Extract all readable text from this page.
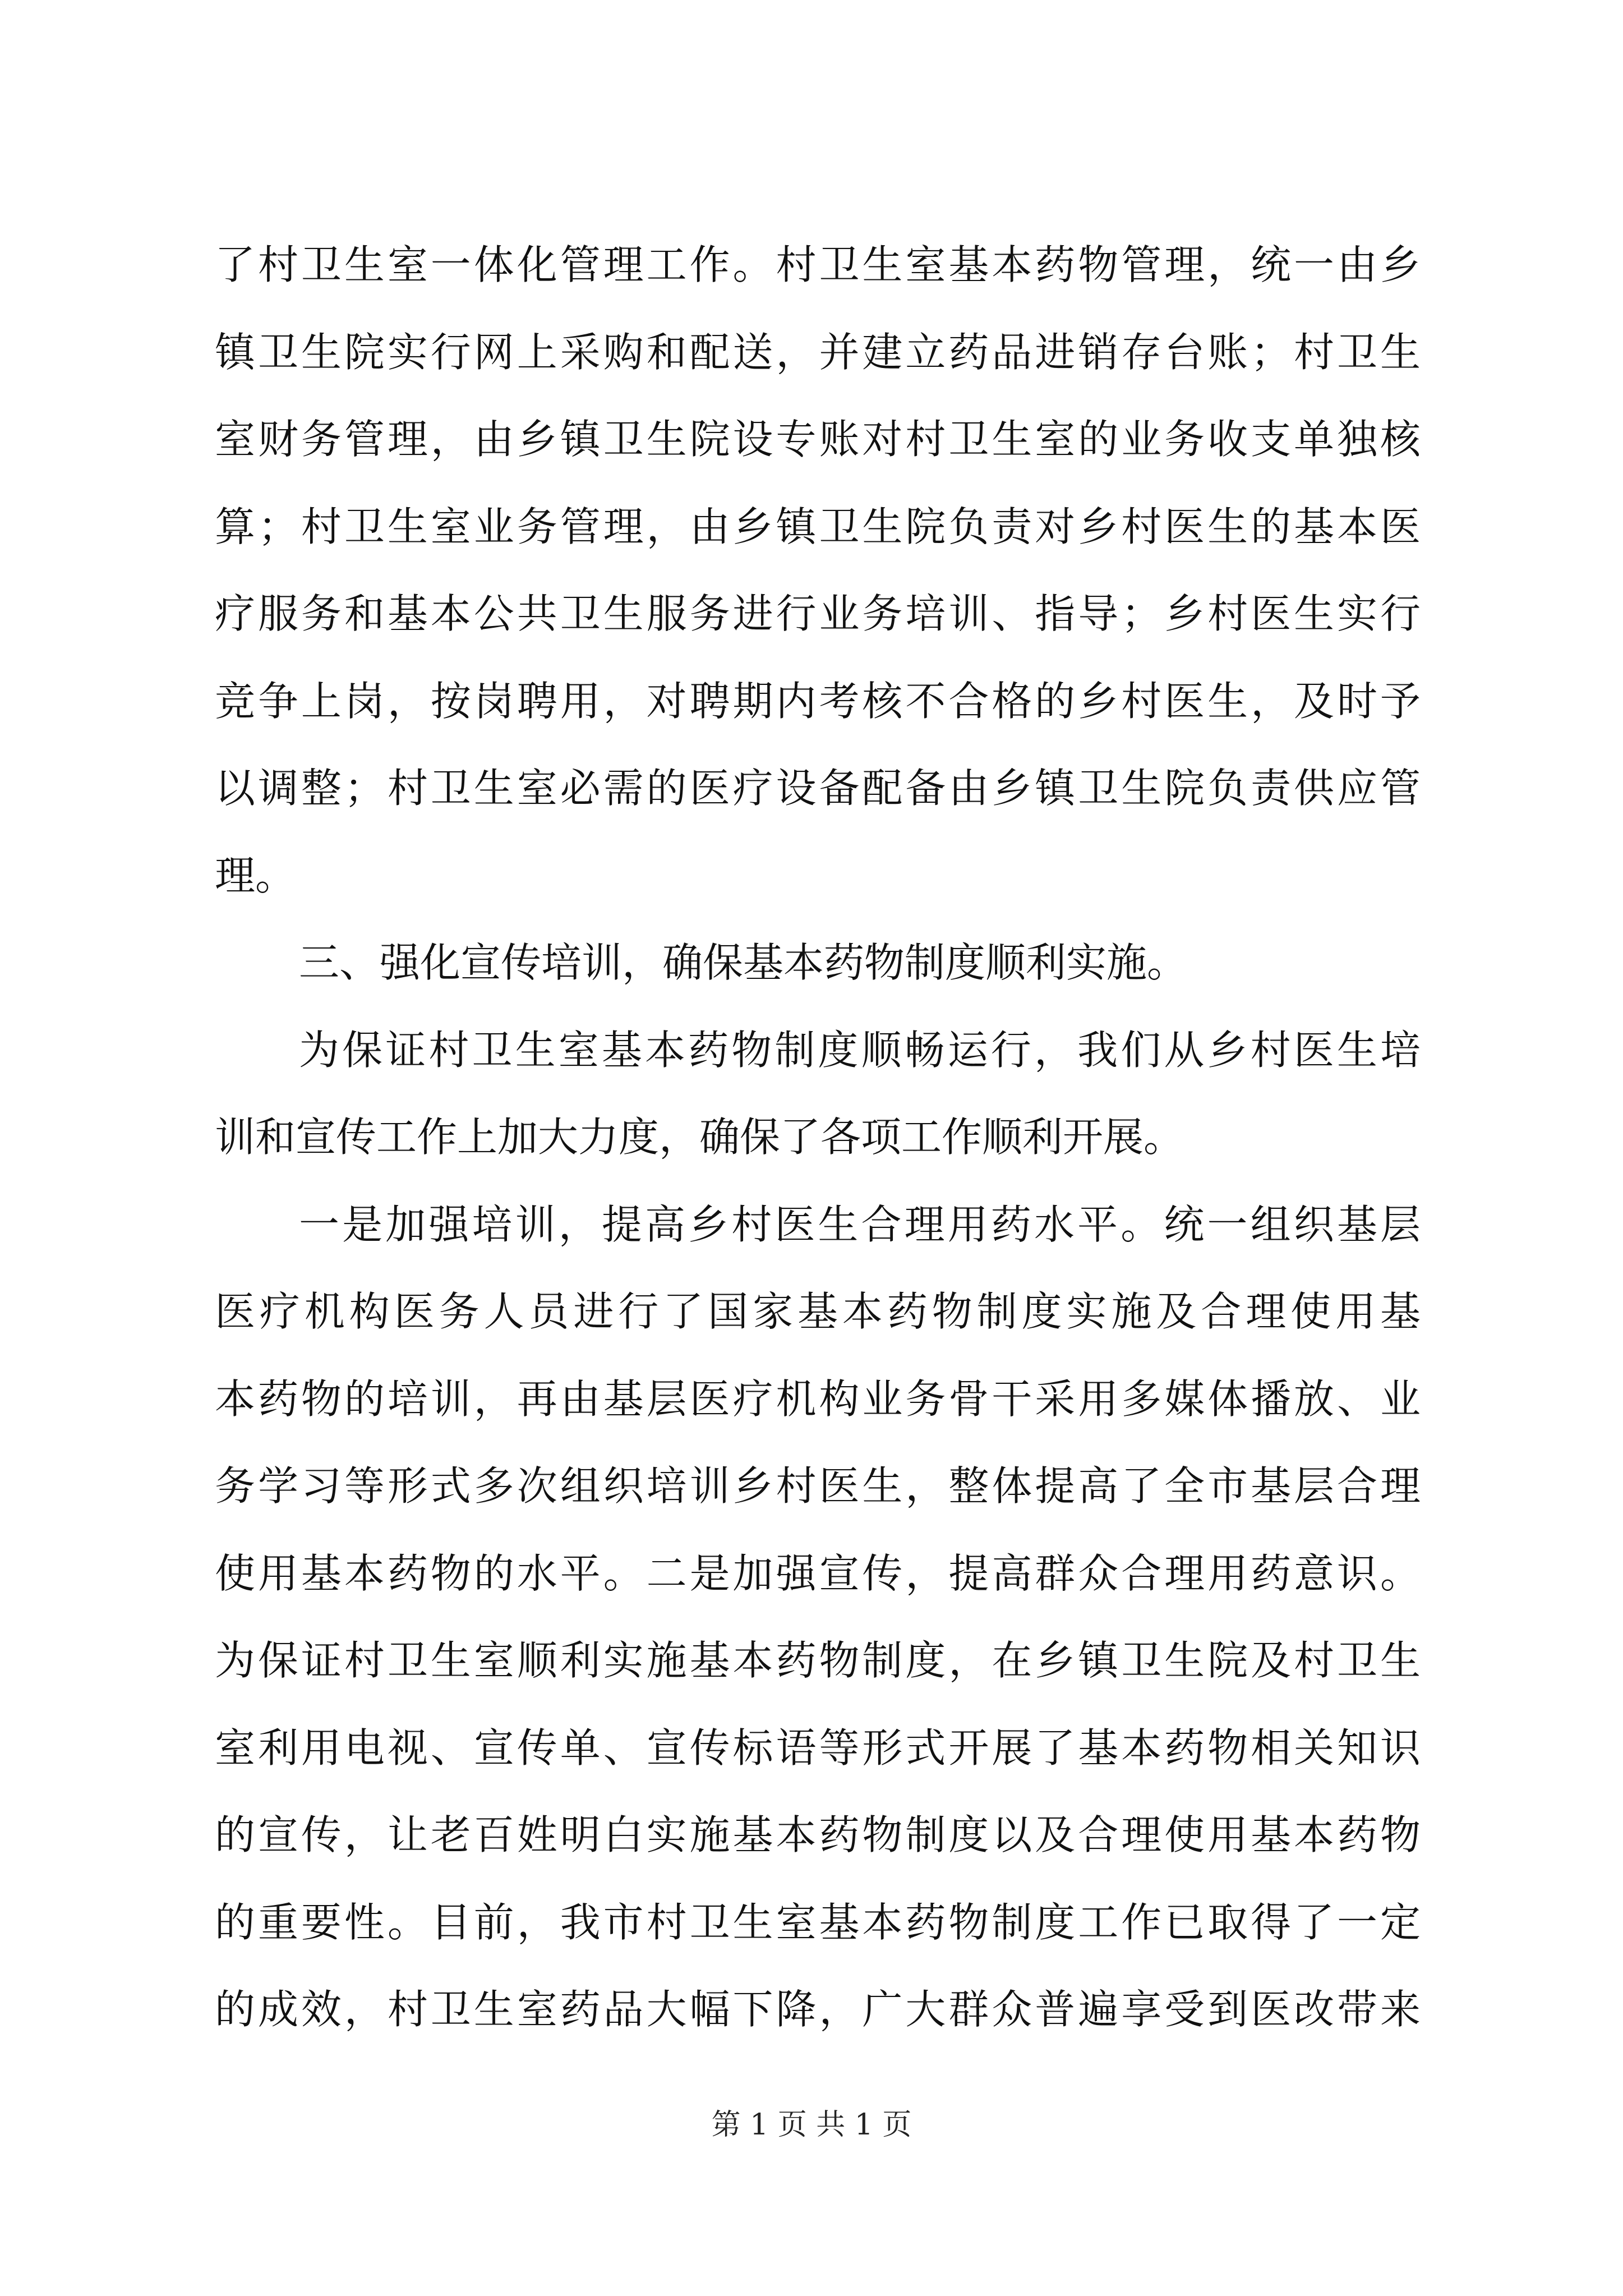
了村卫生室一体化管理工作。村卫生室基本药物管理，统一由乡
镇卫生院实行网上采购和配送，并建立药品进销存台账；村卫生
室财务管理，由乡镇卫生院设专账对村卫生室的业务收支单独核
算；村卫生室业务管理，由乡镇卫生院负责对乡村医生的基本医
疗服务和基本公共卫生服务进行业务培训、指导；乡村医生实行
竞争上岗，按岗聘用，对聘期内考核不合格的乡村医生，及时予
以调整；村卫生室必需的医疗设备配备由乡镇卫生院负责供应管
理。
三、强化宣传培训，确保基本药物制度顺利实施。
为保证村卫生室基本药物制度顺畅运行，我们从乡村医生培
训和宣传工作上加大力度，确保了各项工作顺利开展。
一是加强培训，提高乡村医生合理用药水平。统一组织基层
医疗机构医务人员进行了国家基本药物制度实施及合理使用基
本药物的培训，再由基层医疗机构业务骨干采用多媒体播放、业
务学习等形式多次组织培训乡村医生，整体提高了全市基层合理
使用基本药物的水平。二是加强宣传，提高群众合理用药意识。
为保证村卫生室顺利实施基本药物制度，在乡镇卫生院及村卫生
室利用电视、宣传单、宣传标语等形式开展了基本药物相关知识
的宣传，让老百姓明白实施基本药物制度以及合理使用基本药物
的重要性。目前，我市村卫生室基本药物制度工作已取得了一定
的成效，村卫生室药品大幅下降，广大群众普遍享受到医改带来
第 1 页 共 1 页
